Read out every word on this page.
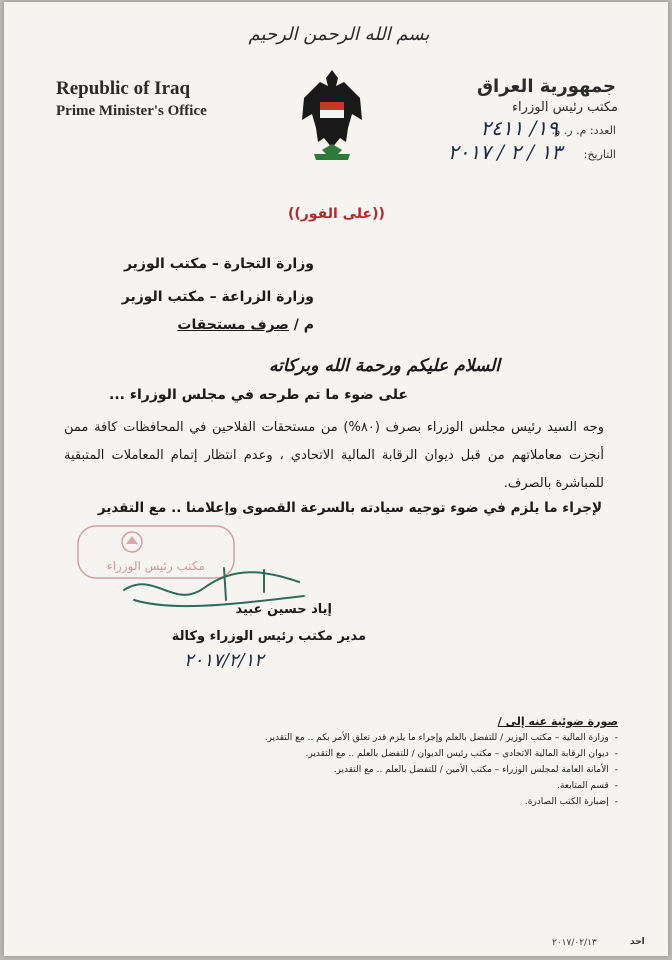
بسم الله الرحمن الرحيم
Republic of Iraq
Prime Minister's Office
جمهورية العراق
مكتب رئيس الوزراء
العدد: م. ر. و.
١٩/ ٢٤١١
التاريخ:
١٣ / ٢ / ٢٠١٧
((على الفور))
وزارة التجارة – مكتب الوزير
وزارة الزراعة – مكتب الوزير
م / صرف مستحقات
السلام عليكم ورحمة الله وبركاته
على ضوء ما تم طرحه في مجلس الوزراء ...
وجه السيد رئيس مجلس الوزراء بصرف (٨٠%) من مستحقات الفلاحين في المحافظات كافة ممن أنجزت معاملاتهم من قبل ديوان الرقابة المالية الاتحادي ، وعدم انتظار إتمام المعاملات المتبقية للمباشرة بالصرف.
لإجراء ما يلزم في ضوء توجيه سيادته بالسرعة القصوى وإعلامنا .. مع التقدير
مكتب رئيس الوزراء
إياد حسين عبيد
مدير مكتب رئيس الوزراء وكالة
٢٠١٧/٢/١٢
صورة ضوئية عنه إلى /
-وزارة المالية – مكتب الوزير / للتفضل بالعلم وإجراء ما يلزم قدر تعلق الأمر بكم .. مع التقدير.
-ديوان الرقابة المالية الاتحادي – مكتب رئيس الديوان / للتفضل بالعلم .. مع التقدير.
-الأمانة العامة لمجلس الوزراء – مكتب الأمين / للتفضل بالعلم .. مع التقدير.
-قسم المتابعة.
-إضبارة الكتب الصادرة.
٢٠١٧/٠٢/١٣	احد
